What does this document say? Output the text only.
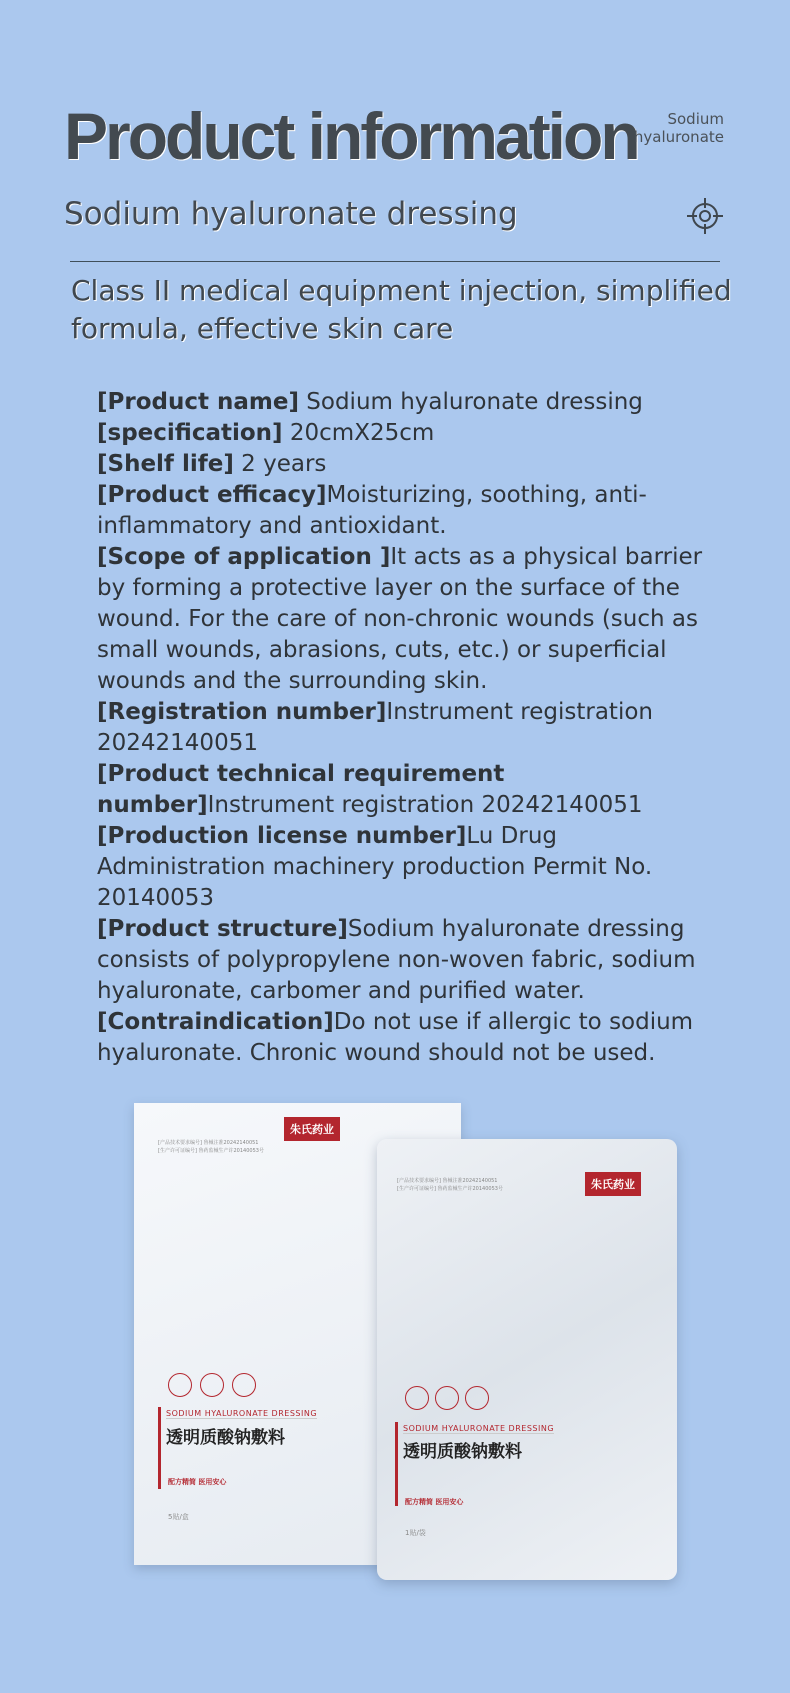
Product information	Sodium
hyaluronate
Sodium hyaluronate dressing
Class II medical equipment injection, simplified formula, effective skin care

[Product name] Sodium hyaluronate dressing

[specification] 20cmX25cm

[Shelf life] 2 years

[Product efficacy]Moisturizing, soothing, anti-inflammatory and antioxidant.

[Scope of application ]It acts as a physical barrier by forming a protective layer on the surface of the wound. For the care of non-chronic wounds (such as small wounds, abrasions, cuts, etc.) or superficial wounds and the surrounding skin.

[Registration number]Instrument registration 20242140051

[Product technical requirement number]Instrument registration 20242140051

[Production license number]Lu Drug Administration machinery production Permit No. 20140053

[Product structure]Sodium hyaluronate dressing consists of polypropylene non-woven fabric, sodium hyaluronate, carbomer and purified water.

[Contraindication]Do not use if allergic to sodium hyaluronate. Chronic wound should not be used.

[产品技术要求编号] 鲁械注准20242140051
[生产许可证编号] 鲁药监械生产许20140053号
朱氏药业
SODIUM HYALURONATE DRESSING
透明质酸钠敷料
配方精简 医用安心
5贴/盒
[产品技术要求编号] 鲁械注准20242140051
[生产许可证编号] 鲁药监械生产许20140053号	朱氏药业
SODIUM HYALURONATE DRESSING
透明质酸钠敷料
配方精简 医用安心
1贴/袋
